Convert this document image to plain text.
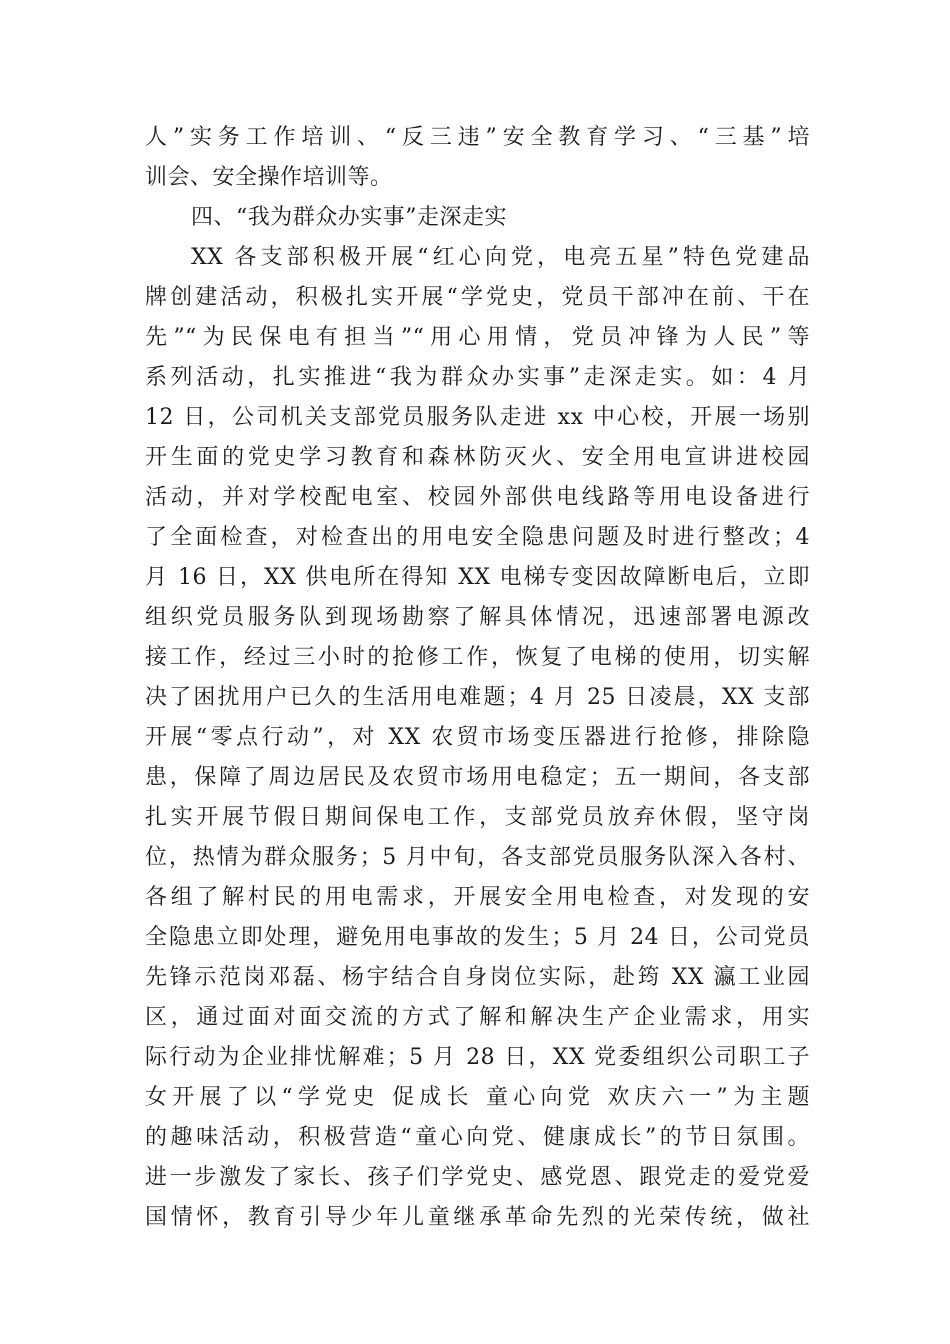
人”实务工作培训、“反三违”安全教育学习、“三基”培
训会、安全操作培训等。
四、“我为群众办实事”走深走实
XX 各支部积极开展“红心向党，电亮五星”特色党建品
牌创建活动，积极扎实开展“学党史，党员干部冲在前、干在
先”“为民保电有担当”“用心用情，党员冲锋为人民”等
系列活动，扎实推进“我为群众办实事”走深走实。如：4 月
12 日，公司机关支部党员服务队走进 xx 中心校，开展一场别
开生面的党史学习教育和森林防灭火、安全用电宣讲进校园
活动，并对学校配电室、校园外部供电线路等用电设备进行
了全面检查，对检查出的用电安全隐患问题及时进行整改；4
月 16 日，XX 供电所在得知 XX 电梯专变因故障断电后，立即
组织党员服务队到现场勘察了解具体情况，迅速部署电源改
接工作，经过三小时的抢修工作，恢复了电梯的使用，切实解
决了困扰用户已久的生活用电难题；4 月 25 日凌晨，XX 支部
开展“零点行动”，对 XX 农贸市场变压器进行抢修，排除隐
患，保障了周边居民及农贸市场用电稳定；五一期间，各支部
扎实开展节假日期间保电工作，支部党员放弃休假，坚守岗
位，热情为群众服务；5 月中旬，各支部党员服务队深入各村、
各组了解村民的用电需求，开展安全用电检查，对发现的安
全隐患立即处理，避免用电事故的发生；5 月 24 日，公司党员
先锋示范岗邓磊、杨宇结合自身岗位实际，赴筠 XX 瀛工业园
区，通过面对面交流的方式了解和解决生产企业需求，用实
际行动为企业排忧解难；5 月 28 日，XX 党委组织公司职工子
女开展了以“学党史 促成长 童心向党 欢庆六一”为主题
的趣味活动，积极营造“童心向党、健康成长”的节日氛围。
进一步激发了家长、孩子们学党史、感党恩、跟党走的爱党爱
国情怀，教育引导少年儿童继承革命先烈的光荣传统，做社
